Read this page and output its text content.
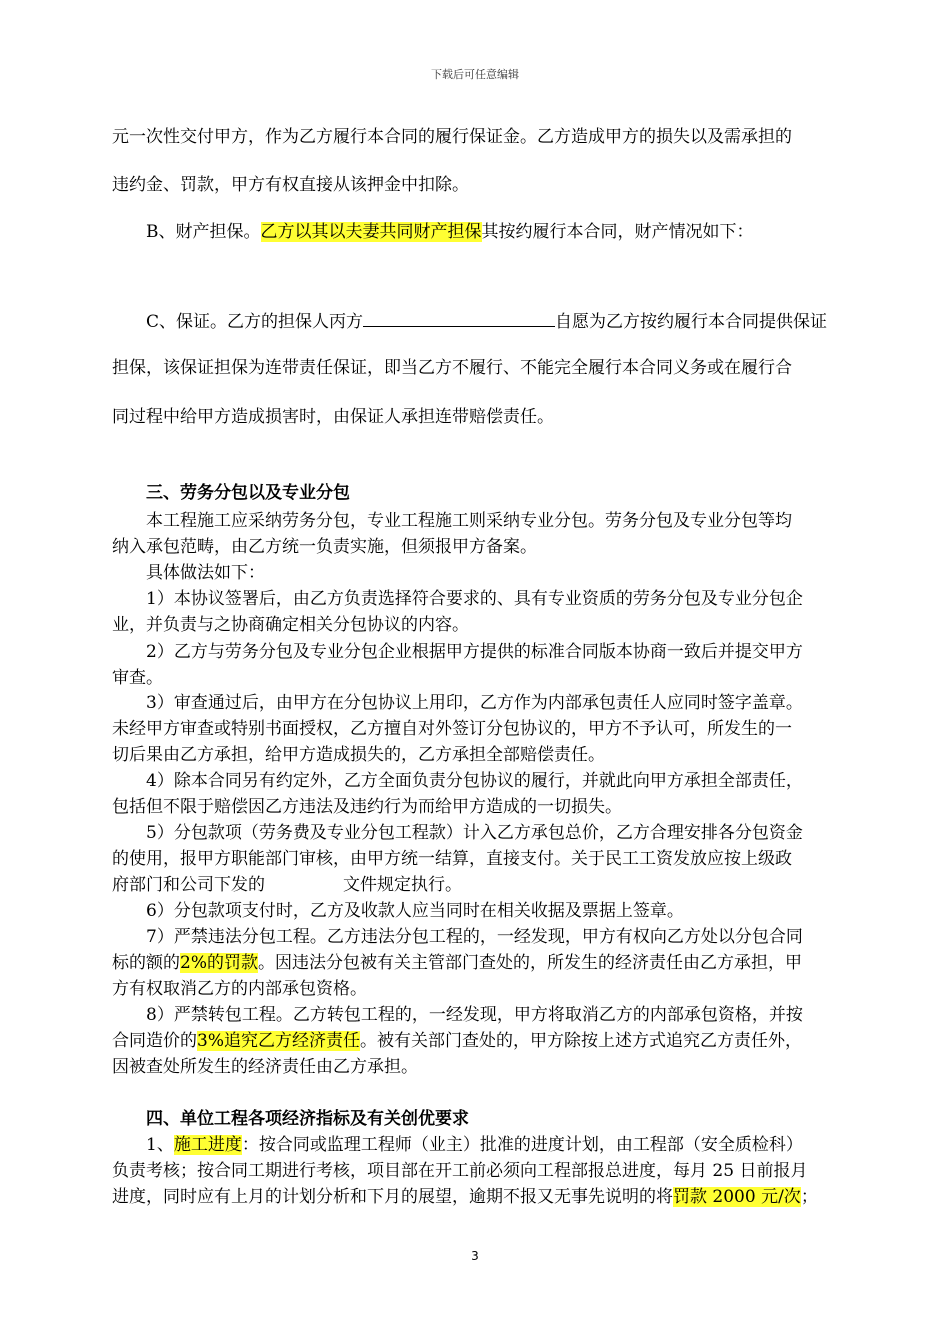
下载后可任意编辑
元一次性交付甲方，作为乙方履行本合同的履行保证金。乙方造成甲方的损失以及需承担的
违约金、罚款，甲方有权直接从该押金中扣除。
B、财产担保。乙方以其以夫妻共同财产担保其按约履行本合同，财产情况如下：
C、保证。乙方的担保人丙方	自愿为乙方按约履行本合同提供保证
担保，该保证担保为连带责任保证，即当乙方不履行、不能完全履行本合同义务或在履行合
同过程中给甲方造成损害时，由保证人承担连带赔偿责任。
三、劳务分包以及专业分包
本工程施工应采纳劳务分包，专业工程施工则采纳专业分包。劳务分包及专业分包等均
纳入承包范畴，由乙方统一负责实施，但须报甲方备案。
具体做法如下：
1）本协议签署后，由乙方负责选择符合要求的、具有专业资质的劳务分包及专业分包企
业，并负责与之协商确定相关分包协议的内容。
2）乙方与劳务分包及专业分包企业根据甲方提供的标准合同版本协商一致后并提交甲方
审查。
3）审查通过后，由甲方在分包协议上用印，乙方作为内部承包责任人应同时签字盖章。
未经甲方审查或特别书面授权，乙方擅自对外签订分包协议的，甲方不予认可，所发生的一
切后果由乙方承担，给甲方造成损失的，乙方承担全部赔偿责任。
4）除本合同另有约定外，乙方全面负责分包协议的履行，并就此向甲方承担全部责任，
包括但不限于赔偿因乙方违法及违约行为而给甲方造成的一切损失。
5）分包款项（劳务费及专业分包工程款）计入乙方承包总价，乙方合理安排各分包资金
的使用，报甲方职能部门审核，由甲方统一结算，直接支付。关于民工工资发放应按上级政
府部门和公司下发的	文件规定执行。
6）分包款项支付时，乙方及收款人应当同时在相关收据及票据上签章。
7）严禁违法分包工程。乙方违法分包工程的，一经发现，甲方有权向乙方处以分包合同
标的额的2%的罚款。因违法分包被有关主管部门查处的，所发生的经济责任由乙方承担，甲
方有权取消乙方的内部承包资格。
8）严禁转包工程。乙方转包工程的，一经发现，甲方将取消乙方的内部承包资格，并按
合同造价的3%追究乙方经济责任。被有关部门查处的，甲方除按上述方式追究乙方责任外，
因被查处所发生的经济责任由乙方承担。
四、单位工程各项经济指标及有关创优要求
1、施工进度：按合同或监理工程师（业主）批准的进度计划，由工程部（安全质检科）
负责考核；按合同工期进行考核，项目部在开工前必须向工程部报总进度，每月 25 日前报月
进度，同时应有上月的计划分析和下月的展望，逾期不报又无事先说明的将罚款 2000 元/次；
3
